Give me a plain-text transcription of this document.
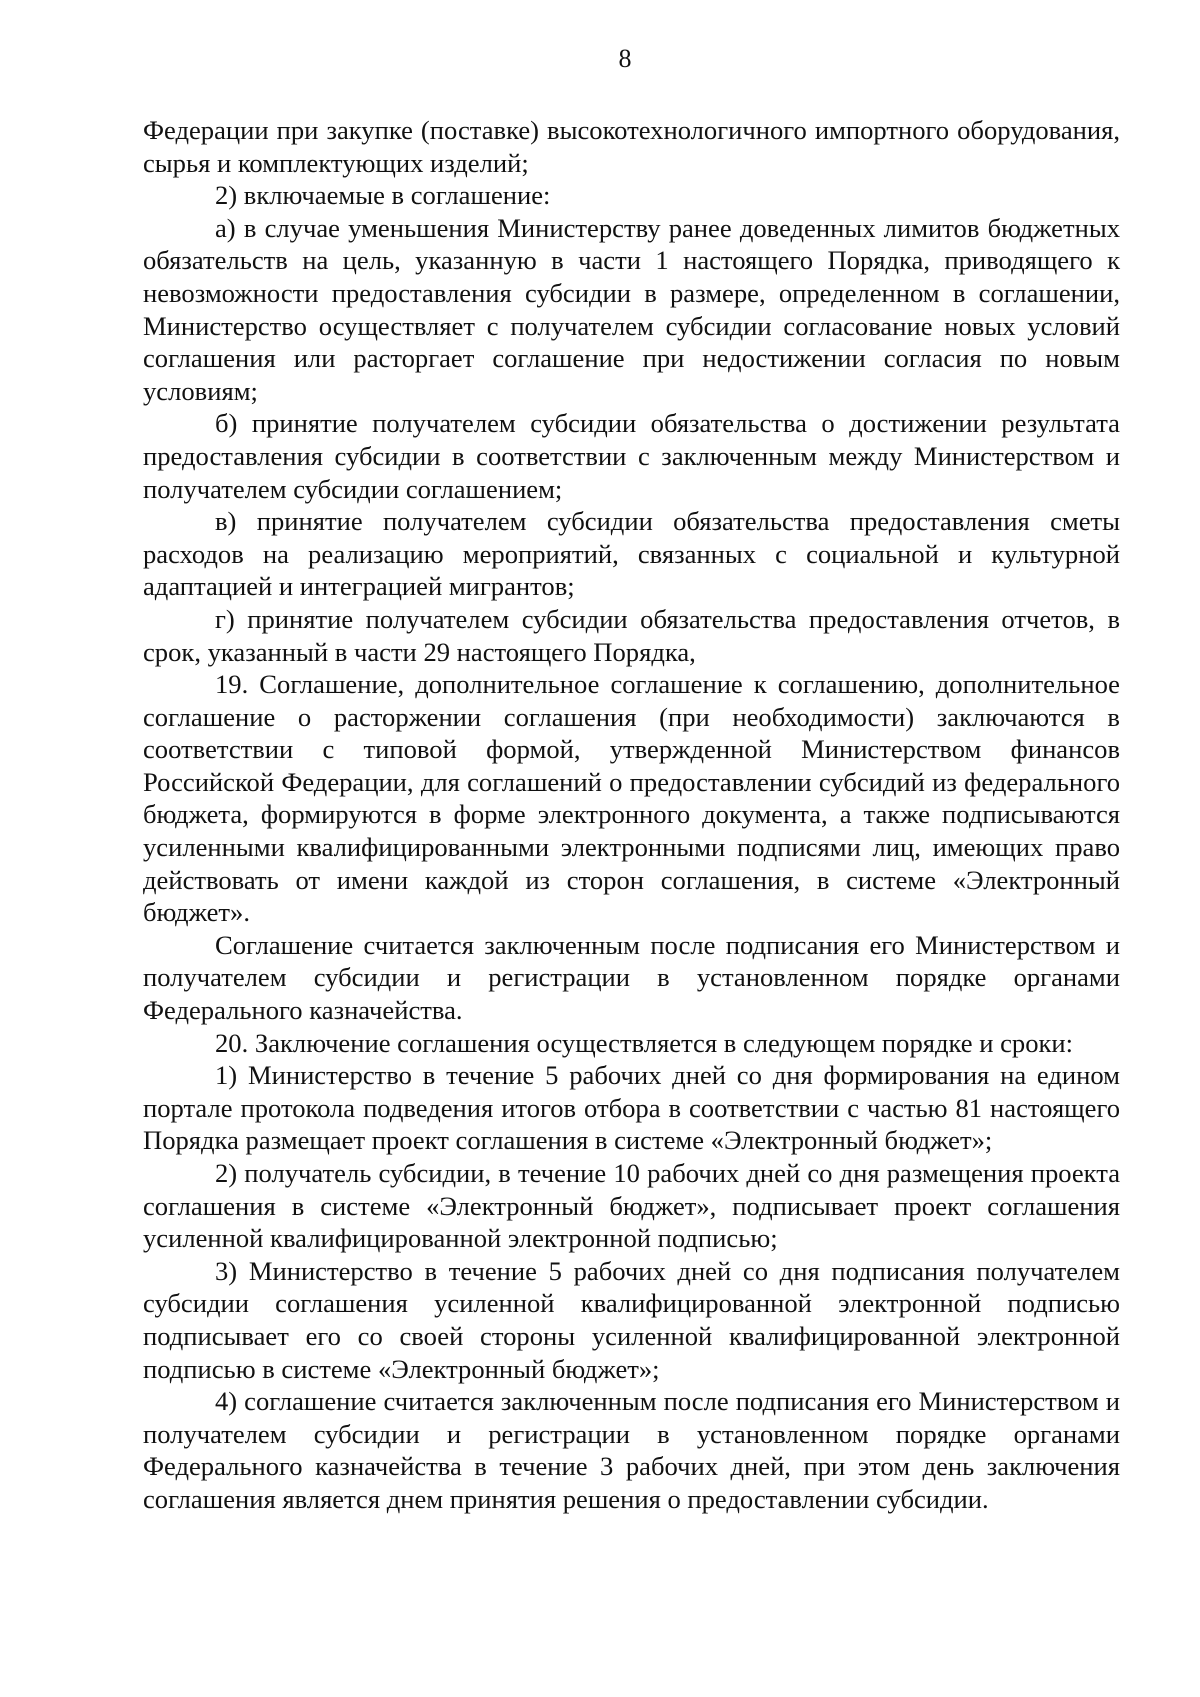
8

Федерации при закупке (поставке) высокотехнологичного импортного оборудования, сырья и комплектующих изделий;

2) включаемые в соглашение:

а) в случае уменьшения Министерству ранее доведенных лимитов бюджетных обязательств на цель, указанную в части 1 настоящего Порядка, приводящего к невозможности предоставления субсидии в размере, определенном в соглашении, Министерство осуществляет с получателем субсидии согласование новых условий соглашения или расторгает соглашение при недостижении согласия по новым условиям;

б) принятие получателем субсидии обязательства о достижении результата предоставления субсидии в соответствии с заключенным между Министерством и получателем субсидии соглашением;

в) принятие получателем субсидии обязательства предоставления сметы расходов на реализацию мероприятий, связанных с социальной и культурной адаптацией и интеграцией мигрантов;

г) принятие получателем субсидии обязательства предоставления отчетов, в срок, указанный в части 29 настоящего Порядка,

19. Соглашение, дополнительное соглашение к соглашению, дополнительное соглашение о расторжении соглашения (при необходимости) заключаются в соответствии с типовой формой, утвержденной Министерством финансов Российской Федерации, для соглашений о предоставлении субсидий из федерального бюджета, формируются в форме электронного документа, а также подписываются усиленными квалифицированными электронными подписями лиц, имеющих право действовать от имени каждой из сторон соглашения, в системе «Электронный бюджет».

Соглашение считается заключенным после подписания его Министерством и получателем субсидии и регистрации в установленном порядке органами Федерального казначейства.

20. Заключение соглашения осуществляется в следующем порядке и сроки:

1) Министерство в течение 5 рабочих дней со дня формирования на едином портале протокола подведения итогов отбора в соответствии с частью 81 настоящего Порядка размещает проект соглашения в системе «Электронный бюджет»;

2) получатель субсидии, в течение 10 рабочих дней со дня размещения проекта соглашения в системе «Электронный бюджет», подписывает проект соглашения усиленной квалифицированной электронной подписью;

3) Министерство в течение 5 рабочих дней со дня подписания получателем субсидии соглашения усиленной квалифицированной электронной подписью подписывает его со своей стороны усиленной квалифицированной электронной подписью в системе «Электронный бюджет»;

4) соглашение считается заключенным после подписания его Министерством и получателем субсидии и регистрации в установленном порядке органами Федерального казначейства в течение 3 рабочих дней, при этом день заключения соглашения является днем принятия решения о предоставлении субсидии.
